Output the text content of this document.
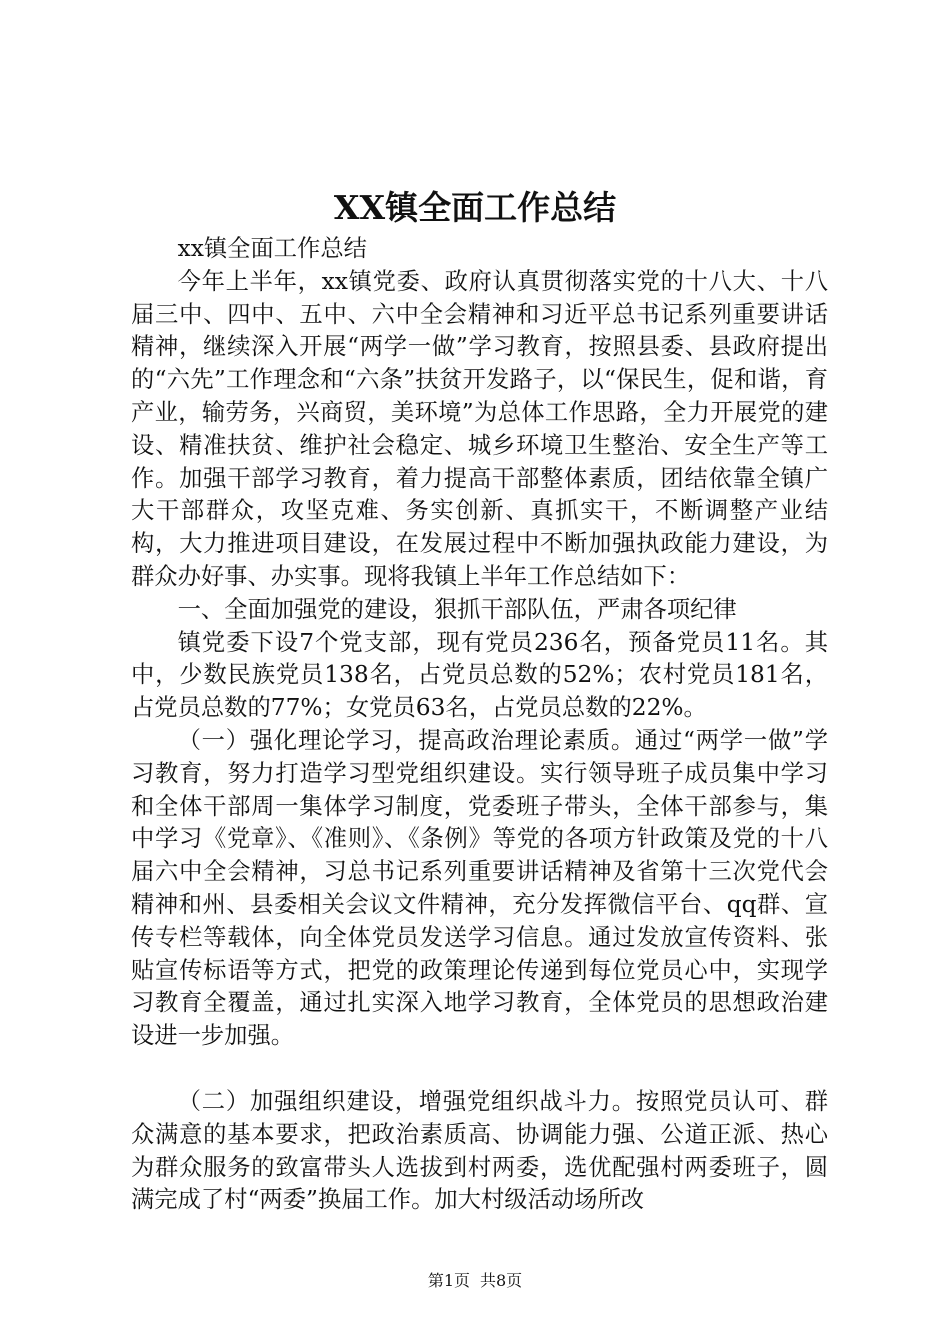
XX镇全面工作总结

xx镇全面工作总结

今年上半年，xx镇党委、政府认真贯彻落实党的十八大、十八届三中、四中、五中、六中全会精神和习近平总书记系列重要讲话精神，继续深入开展“两学一做”学习教育，按照县委、县政府提出的“六先”工作理念和“六条”扶贫开发路子，以“保民生，促和谐，育产业，输劳务，兴商贸，美环境”为总体工作思路，全力开展党的建设、精准扶贫、维护社会稳定、城乡环境卫生整治、安全生产等工作。加强干部学习教育，着力提高干部整体素质，团结依靠全镇广大干部群众，攻坚克难、务实创新、真抓实干，不断调整产业结构，大力推进项目建设，在发展过程中不断加强执政能力建设，为群众办好事、办实事。现将我镇上半年工作总结如下：

一、全面加强党的建设，狠抓干部队伍，严肃各项纪律

镇党委下设7个党支部，现有党员236名，预备党员11名。其中，少数民族党员138名，占党员总数的52%；农村党员181名，占党员总数的77%；女党员63名，占党员总数的22%。

（一）强化理论学习，提高政治理论素质。通过“两学一做”学习教育，努力打造学习型党组织建设。实行领导班子成员集中学习和全体干部周一集体学习制度，党委班子带头，全体干部参与，集中学习《党章》、《准则》、《条例》等党的各项方针政策及党的十八届六中全会精神，习总书记系列重要讲话精神及省第十三次党代会精神和州、县委相关会议文件精神，充分发挥微信平台、qq群、宣传专栏等载体，向全体党员发送学习信息。通过发放宣传资料、张贴宣传标语等方式，把党的政策理论传递到每位党员心中，实现学习教育全覆盖，通过扎实深入地学习教育，全体党员的思想政治建设进一步加强。

（二）加强组织建设，增强党组织战斗力。按照党员认可、群众满意的基本要求，把政治素质高、协调能力强、公道正派、热心为群众服务的致富带头人选拔到村两委，选优配强村两委班子，圆满完成了村“两委”换届工作。加大村级活动场所改

第1页 共8页
